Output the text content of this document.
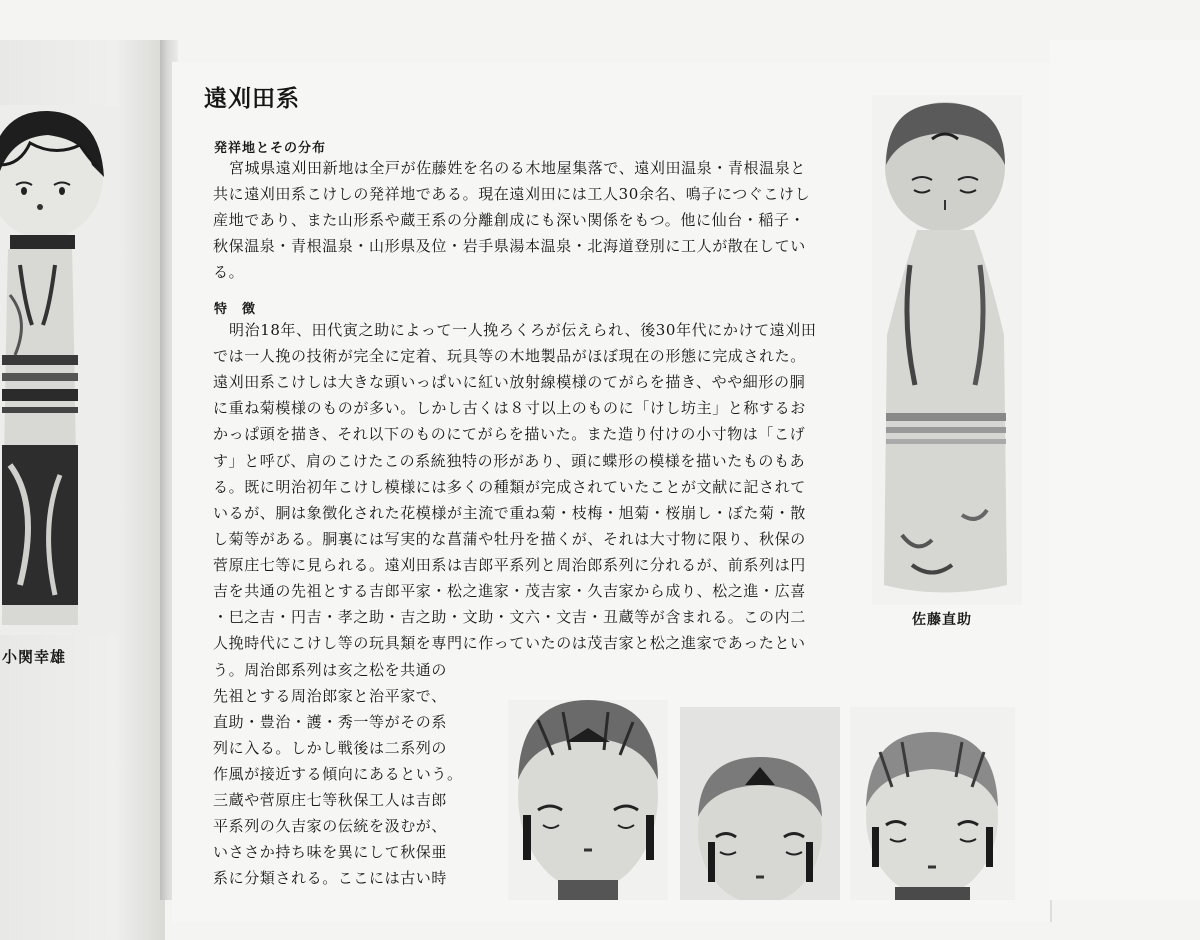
小関幸雄
遠刈田系
発祥地とその分布
宮城県遠刈田新地は全戸が佐藤姓を名のる木地屋集落で、遠刈田温泉・青根温泉と
共に遠刈田系こけしの発祥地である。現在遠刈田には工人30余名、鳴子につぐこけし
産地であり、また山形系や蔵王系の分離創成にも深い関係をもつ。他に仙台・稲子・
秋保温泉・青根温泉・山形県及位・岩手県湯本温泉・北海道登別に工人が散在してい
る。
特　徴
明治18年、田代寅之助によって一人挽ろくろが伝えられ、後30年代にかけて遠刈田
では一人挽の技術が完全に定着、玩具等の木地製品がほぼ現在の形態に完成された。
遠刈田系こけしは大きな頭いっぱいに紅い放射線模様のてがらを描き、やや細形の胴
に重ね菊模様のものが多い。しかし古くは８寸以上のものに「けし坊主」と称するお
かっぱ頭を描き、それ以下のものにてがらを描いた。また造り付けの小寸物は「こげ
す」と呼び、肩のこけたこの系統独特の形があり、頭に蝶形の模様を描いたものもあ
る。既に明治初年こけし模様には多くの種類が完成されていたことが文献に記されて
いるが、胴は象徴化された花模様が主流で重ね菊・枝梅・旭菊・桜崩し・ぼた菊・散
し菊等がある。胴裏には写実的な菖蒲や牡丹を描くが、それは大寸物に限り、秋保の
菅原庄七等に見られる。遠刈田系は吉郎平系列と周治郎系列に分れるが、前系列は円
吉を共通の先祖とする吉郎平家・松之進家・茂吉家・久吉家から成り、松之進・広喜
・巳之吉・円吉・孝之助・吉之助・文助・文六・文吉・丑蔵等が含まれる。この内二
人挽時代にこけし等の玩具類を専門に作っていたのは茂吉家と松之進家であったとい
う。周治郎系列は亥之松を共通の
先祖とする周治郎家と治平家で、
直助・豊治・護・秀一等がその系
列に入る。しかし戦後は二系列の
作風が接近する傾向にあるという。
三蔵や菅原庄七等秋保工人は吉郎
平系列の久吉家の伝統を汲むが、
いささか持ち味を異にして秋保亜
系に分類される。ここには古い時
佐藤直助
